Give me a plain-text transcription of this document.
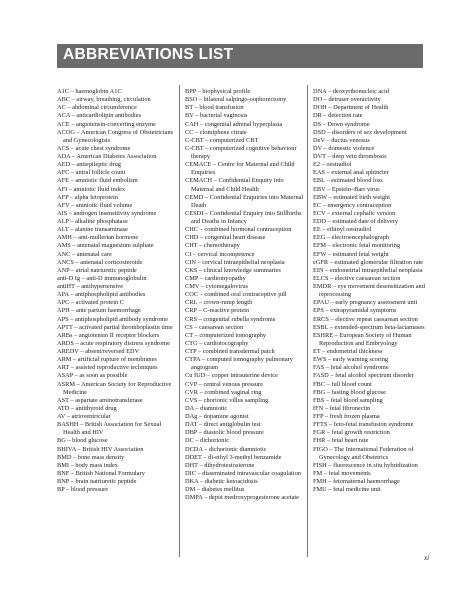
ABBREVIATIONS LIST
A1C – haemoglobin A1C
ABC – airway, breathing, circulation
AC – abdominal circumference
ACA – anticardiolipin antibodies
ACE – angiotensin-converting enzyme
ACOG – American Congress of Obstetricians and Gynecologists
ACS – acute chest syndrome
ADA – American Diabetes Association
AED – antiepileptic drug
AFC – antral follicle count
AFE – amniotic fluid embolism
AFI – amniotic fluid index
AFP – alpha fetoprotein
AFV – amniotic fluid volume
AIS – androgen insensitivity syndrome
ALP – alkaline phosphatase
ALT – alanine transaminase
AMH – anti-mullerian hormone
AMS – antenatal magnesium sulphate
ANC – antenatal care
ANCS – antenatal corticosteroids
ANP – atrial natriuretic peptide
anti-D Ig – anti-D immunoglobulin
antiHT – antihypertensive
APA – antiphospholipid antibodies
APC – activated protein C
APH – ante partum haemorrhage
APS – antiphospholipid antibody syndrome
APTT – activated partial thromboplastin time
ARBs – angiotensin II receptor blockers
ARDS – acute respiratory distress syndrome
AREDV – absent/reversed EDV
ARM – artificial rupture of membranes
ART – assisted reproductive techniques
ASAP – as soon as possible
ASRM – American Society for Reproductive Medicine
AST – aspartate aminotransferase
ATD – antithyroid drug
AV – atrioventricular
BASHH – British Association for Sexual Health and HIV
BG – blood glucose
BHIVA – British HIV Association
BMD – bone mass density
BMI – body mass index
BNF – British National Formulary
BNP – brain natriuretic peptide
BP – blood pressure
BPP – biophysical profile
BSO – bilateral salpingo-oophorectomy
BT – blood transfusion
BV – bacterial vaginosis
CAH – congenital adrenal hyperplasia
CC – clomiphene citrate
C-CBT – computerized CBT
C-CBT – computerized cognitive behaviour therapy
CEMACE – Centre for Maternal and Child Enquiries
CEMACH – Confidential Enquiry into Maternal and Child Health
CEMD – Confidential Enquiries into Maternal Death
CESDI – Confidential Enquiry into Stillbirths and Deaths in Infancy
CHC – combined hormonal contraception
CHD – congenital heart disease
CHT – chemotherapy
CI – cervical incompetence
CIN – cervical intraepithelial neoplasia
CKS – clinical knowledge summaries
CMP – cardiomyopathy
CMV – cytomegalovirus
COC – combined oral contraceptive pill
CRL – crown-rump length
CRP – C-reactive protein
CRS – congenital rubella syndrome
CS – caesarean section
CT – computerized tomography
CTG – cardiotocography
CTP – combined transdermal patch
CTPA – computed tomography pulmonary angiogram
Cu IUD – copper intrauterine device
CVP – central venous pressure
CVR – combined vaginal ring
CVS – chorionic villus sampling
DA – diamniotic
DAg – dopamine agonist
DAT – direct antiglobulin test
DBP – diastolic blood pressure
DC – dichorionic
DCDA – dichorionic diamniotic
DDET – di-ethyl 3-methyl benzamide
DHT – dihydrotestosterone
DIC – disseminated intravascular coagulation
DKA – diabetic ketoacidosis
DM – diabetes mellitus
DMPA – depot medroxyprogesterone acetate
DNA – deoxyribonucleic acid
DO – detruser overactivity
DOH – Department of Health
DR – detection rate
DS – Down syndrome
DSD – disorders of sex development
DeV – ductus venosus
DV – domestic violence
DVT – deep vein thrombosis
E2 – oestradiol
EAS – external anal sphincter
EBL – estimated blood loss
EBV – Epstein–Barr virus
EBW – estimated birth weight
EC – emergency contraception
ECV – external cephalic version
EDD – estimated date of delivery
EE – ethinyl oestradiol
EEG – electroencephalograph
EFM – electronic fetal monitoring
EFW – estimated fetal weight
eGFR – estimated glomerular filtration rate
EIN – endometrial intraepithelial neoplasia
ELCS – elective caesarean section
EMDR – eye movement desensitization and reprocessing
EPAU – early pregnancy assessment unit
EPS – extrapyramidal symptoms
ERCS – elective repeat caesarean section
ESBL – extended-spectrum beta-lactamases
ESHRE – European Society of Human Reproduction and Embryology
ET – endometrial thickness
EWS – early warning scoring
FAS – fetal alcohol syndrome
FASD – fetal alcohol spectrum disorder
FBC – full blood count
FBG – fasting blood glucose
FBS – fetal blood sampling
fFN – fetal fibronectin
FFP – fresh frozen plasma
FFTS – feto-fetal transfusion syndrome
FGR – fetal growth restriction
FHR – fetal heart rate
FIGO – The International Federation of Gynecology and Obstetrics
FISH – fluorescence in situ hybridization
FM – fetal movements
FMH – fetomaternal haemorrhage
FMU – fetal medicine unit
xi
